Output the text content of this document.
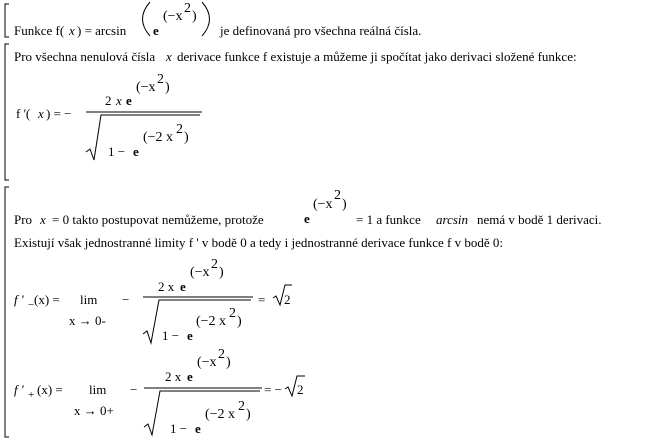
Funkce f( x ) = arcsin e
(−x
2
)
je definovaná pro všechna reálná čísla.
Pro všechna nenulová čísla x derivace funkce f existuje a můžeme ji spočítat jako derivaci složené funkce:
f '( x ) = −
2 x e
(−x
2
)
1 − e
(−2 x
2
)
Pro x = 0 takto postupovat nemůžeme, protože	e
(−x
2
)
= 1 a funkce arcsin nemá v bodě 1 derivaci.
Existují však jednostranné limity f ' v bodě 0 a tedy i jednostranné derivace funkce f v bodě 0:
f ' − (x) = lim
x → 0-
−
2 x e
(−x
2
)
1 − e
(−2 x
2
)
= 2
f ' + (x) = lim
x → 0+
−
2 x e
(−x
2
)
1 − e
(−2 x
2
)
= − 2
